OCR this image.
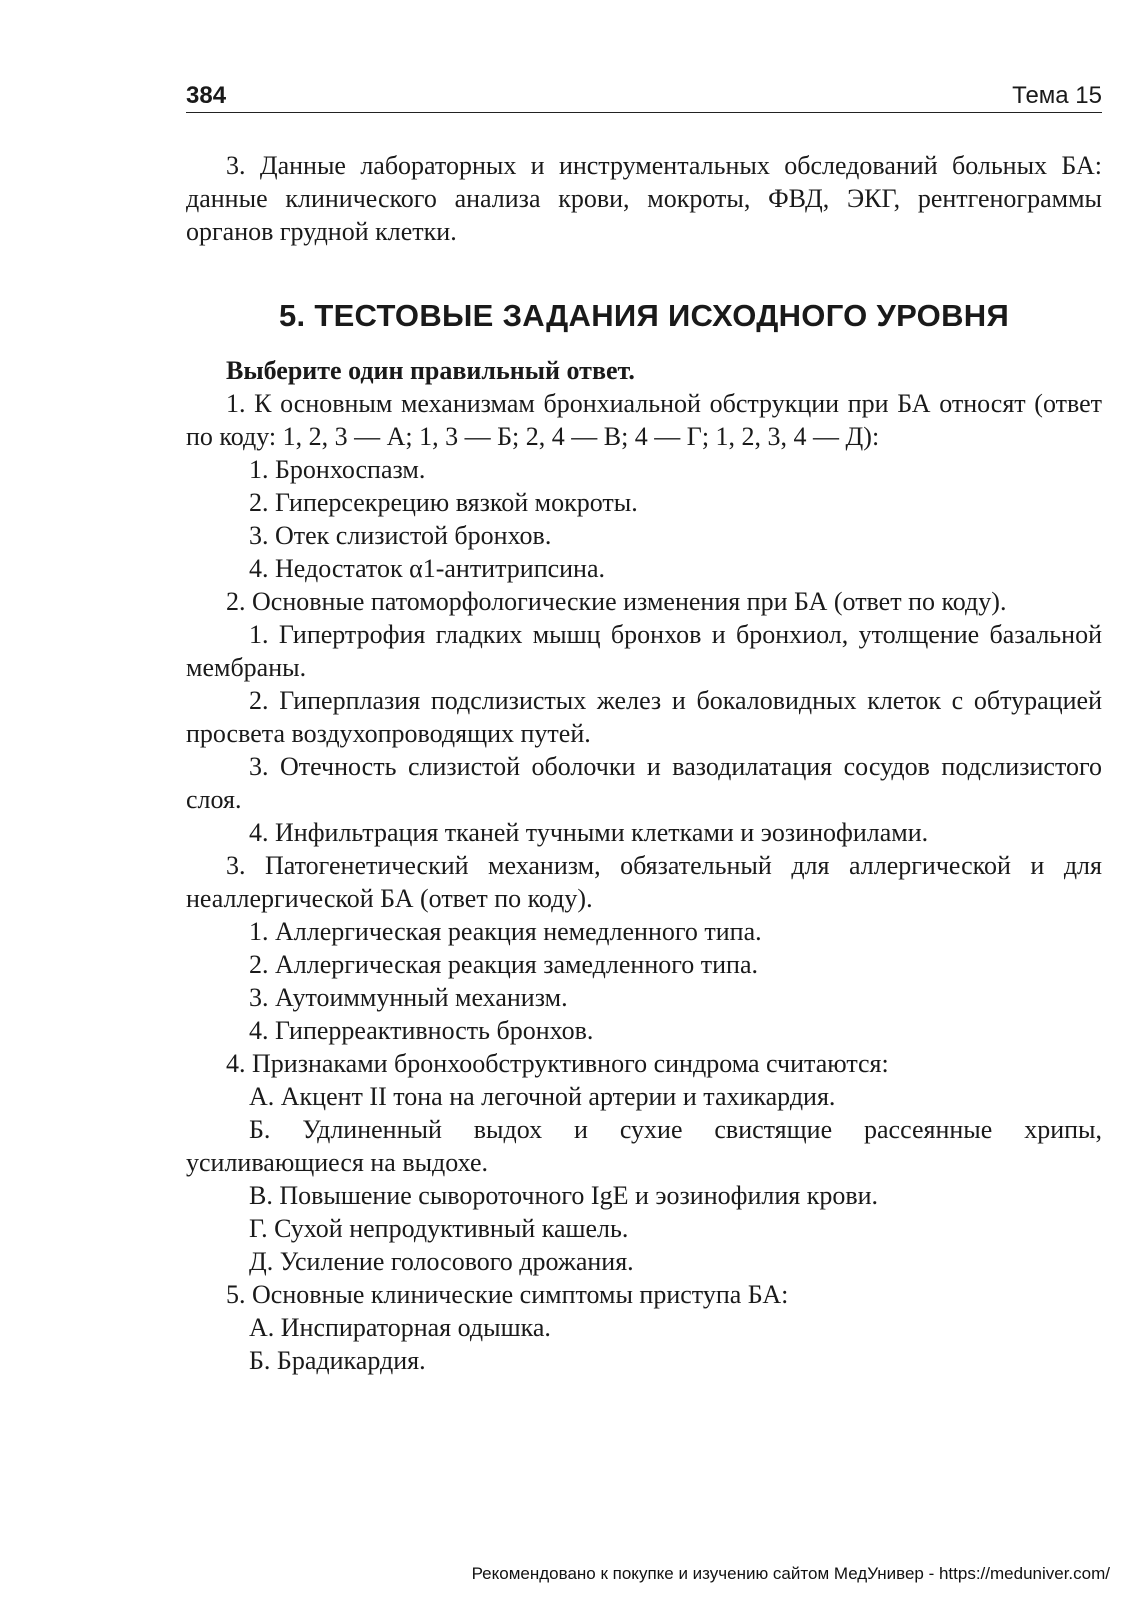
384	Тема 15

3. Данные лабораторных и инструментальных обследований больных БА: данные клинического анализа крови, мокроты, ФВД, ЭКГ, рентгенограммы органов грудной клетки.

5. ТЕСТОВЫЕ ЗАДАНИЯ ИСХОДНОГО УРОВНЯ

Выберите один правильный ответ.

1. К основным механизмам бронхиальной обструкции при БА относят (ответ по коду: 1, 2, 3 — А; 1, 3 — Б; 2, 4 — В; 4 — Г; 1, 2, 3, 4 — Д):

1. Бронхоспазм.

2. Гиперсекрецию вязкой мокроты.

3. Отек слизистой бронхов.

4. Недостаток α1-антитрипсина.

2. Основные патоморфологические изменения при БА (ответ по коду).

1. Гипертрофия гладких мышц бронхов и бронхиол, утолщение базальной мембраны.

2. Гиперплазия подслизистых желез и бокаловидных клеток с обтурацией просвета воздухопроводящих путей.

3. Отечность слизистой оболочки и вазодилатация сосудов подслизистого слоя.

4. Инфильтрация тканей тучными клетками и эозинофилами.

3. Патогенетический механизм, обязательный для аллергической и для неаллергической БА (ответ по коду).

1. Аллергическая реакция немедленного типа.

2. Аллергическая реакция замедленного типа.

3. Аутоиммунный механизм.

4. Гиперреактивность бронхов.

4. Признаками бронхообструктивного синдрома считаются:

А. Акцент II тона на легочной артерии и тахикардия.

Б. Удлиненный выдох и сухие свистящие рассеянные хрипы, усиливающиеся на выдохе.

В. Повышение сывороточного IgE и эозинофилия крови.

Г. Сухой непродуктивный кашель.

Д. Усиление голосового дрожания.

5. Основные клинические симптомы приступа БА:

А. Инспираторная одышка.

Б. Брадикардия.

Рекомендовано к покупке и изучению сайтом МедУнивер - https://meduniver.com/
